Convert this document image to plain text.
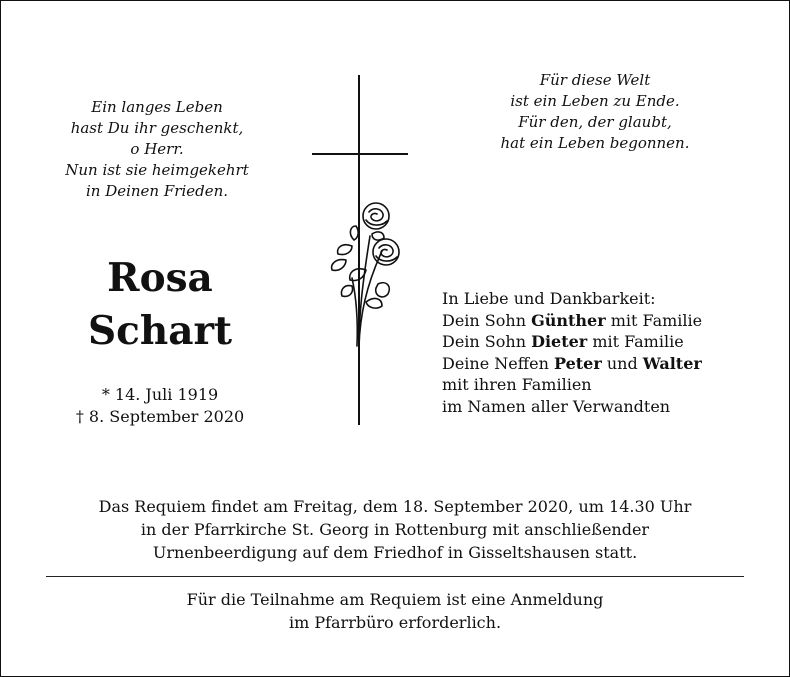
Ein langes Leben
hast Du ihr geschenkt,
o Herr.
Nun ist sie heimgekehrt
in Deinen Frieden.

Für diese Welt
ist ein Leben zu Ende.
Für den, der glaubt,
hat ein Leben begonnen.

Rosa
Schart
* 14. Juli 1919
† 8. September 2020
In Liebe und Dankbarkeit:
Dein Sohn Günther mit Familie
Dein Sohn Dieter mit Familie
Deine Neffen Peter und Walter
mit ihren Familien
im Namen aller Verwandten
Das Requiem findet am Freitag, dem 18. September 2020, um 14.30 Uhr
in der Pfarrkirche St. Georg in Rottenburg mit anschließender
Urnenbeerdigung auf dem Friedhof in Gisseltshausen statt.
Für die Teilnahme am Requiem ist eine Anmeldung
im Pfarrbüro erforderlich.
